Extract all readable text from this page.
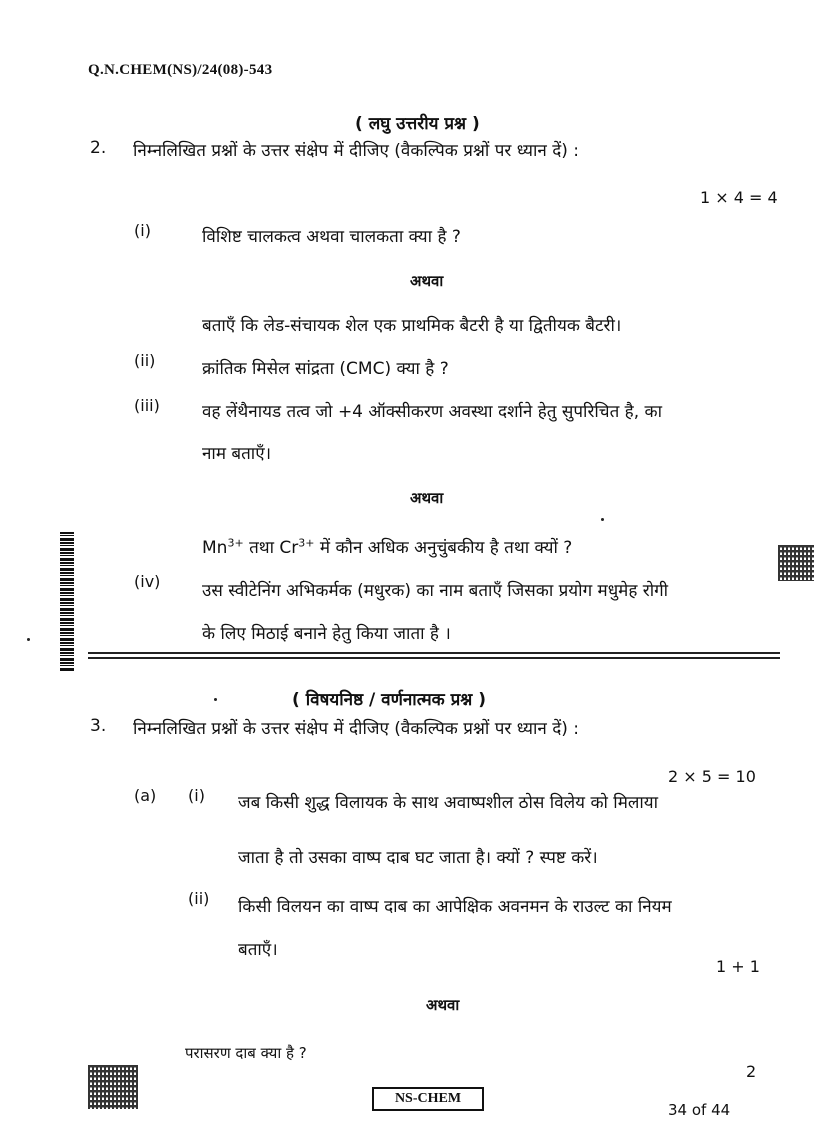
Q.N.CHEM(NS)/24(08)-543
( लघु उत्तरीय प्रश्न )
2. निम्नलिखित प्रश्नों के उत्तर संक्षेप में दीजिए (वैकल्पिक प्रश्नों पर ध्यान दें) :
1 × 4 = 4
(i)	विशिष्ट चालकत्व अथवा चालकता क्या है ?
अथवा
बताएँ कि लेड-संचायक शेल एक प्राथमिक बैटरी है या द्वितीयक बैटरी।
(ii)	क्रांतिक मिसेल सांद्रता (CMC) क्या है ?
(iii) वह लेंथैनायड तत्व जो +4 ऑक्सीकरण अवस्था दर्शाने हेतु सुपरिचित है, का
नाम बताएँ।
अथवा
$Mn^{3+}$ तथा $Cr^{3+}$ में कौन अधिक अनुचुंबकीय है तथा क्यों ?
(iv) उस स्वीटेनिंग अभिकर्मक (मधुरक) का नाम बताएँ जिसका प्रयोग मधुमेह रोगी
के लिए मिठाई बनाने हेतु किया जाता है ।
( विषयनिष्ठ / वर्णनात्मक प्रश्न )
3. निम्नलिखित प्रश्नों के उत्तर संक्षेप में दीजिए (वैकल्पिक प्रश्नों पर ध्यान दें) :
2 × 5 = 10
(a) (i) जब किसी शुद्ध विलायक के साथ अवाष्पशील ठोस विलेय को मिलाया
जाता है तो उसका वाष्प दाब घट जाता है। क्यों ? स्पष्ट करें।
(ii) किसी विलयन का वाष्प दाब का आपेक्षिक अवनमन के राउल्ट का नियम
बताएँ।
1 + 1
अथवा
परासरण दाब क्या है ?
2
NS-CHEM
34 of 44
